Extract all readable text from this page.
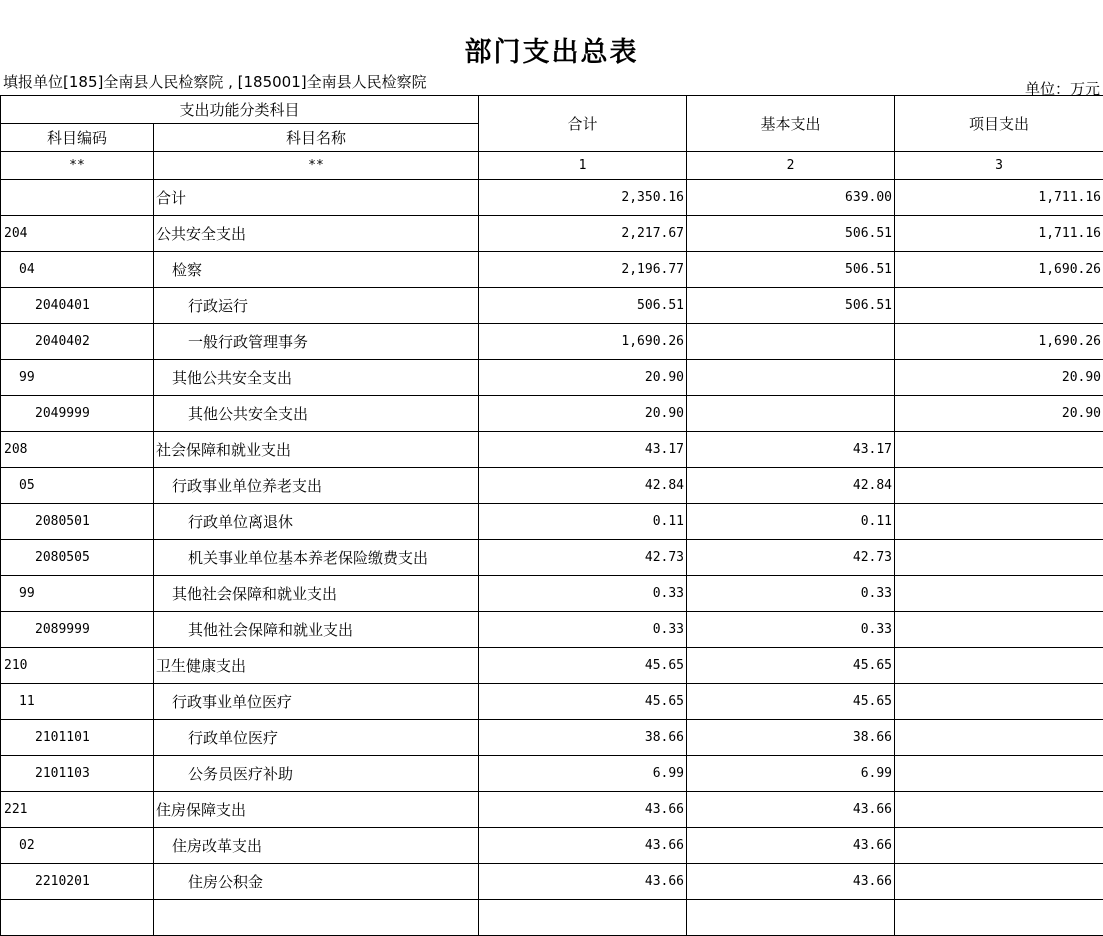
部门支出总表
填报单位[185]全南县人民检察院 , [185001]全南县人民检察院	单位：万元
支出功能分类科目		合计	基本支出	项目支出
科目编码	科目名称			
**	**	1	2	3
	合计	2,350.16	639.00	1,711.16
204	公共安全支出	2,217.67	506.51	1,711.16
04	检察	2,196.77	506.51	1,690.26
2040401	行政运行	506.51	506.51	
2040402	一般行政管理事务	1,690.26		1,690.26
99	其他公共安全支出	20.90		20.90
2049999	其他公共安全支出	20.90		20.90
208	社会保障和就业支出	43.17	43.17	
05	行政事业单位养老支出	42.84	42.84	
2080501	行政单位离退休	0.11	0.11	
2080505	机关事业单位基本养老保险缴费支出	42.73	42.73	
99	其他社会保障和就业支出	0.33	0.33	
2089999	其他社会保障和就业支出	0.33	0.33	
210	卫生健康支出	45.65	45.65	
11	行政事业单位医疗	45.65	45.65	
2101101	行政单位医疗	38.66	38.66	
2101103	公务员医疗补助	6.99	6.99	
221	住房保障支出	43.66	43.66	
02	住房改革支出	43.66	43.66	
2210201	住房公积金	43.66	43.66	
